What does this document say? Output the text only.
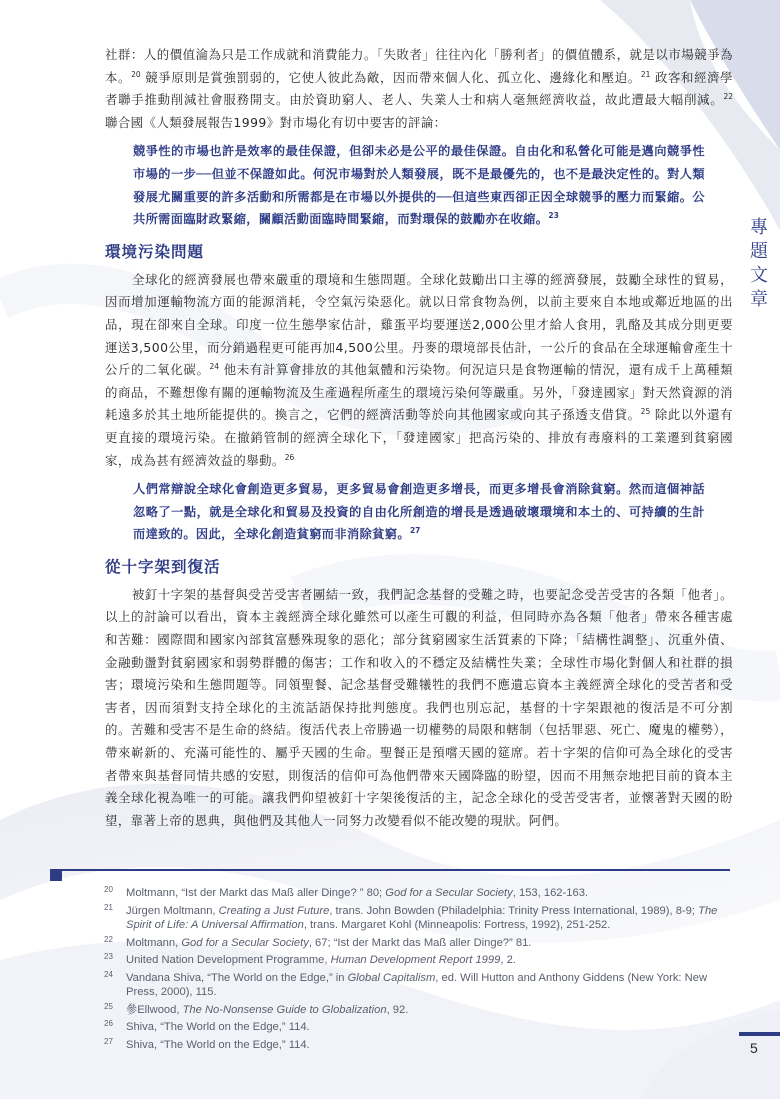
社群：人的價值淪為只是工作成就和消費能力。「失敗者」往往內化「勝利者」的價值體系，就是以市場競爭為本。$^{20}$ 競爭原則是賞強罰弱的，它使人彼此為敵，因而帶來個人化、孤立化、邊緣化和壓迫。$^{21}$ 政客和經濟學者聯手推動削減社會服務開支。由於資助窮人、老人、失業人士和病人毫無經濟收益，故此遭最大幅削減。$^{22}$ 聯合國《人類發展報告1999》對市場化有切中要害的評論：

競爭性的市場也許是效率的最佳保證，但卻未必是公平的最佳保證。自由化和私營化可能是邁向競爭性市場的一步──但並不保證如此。何況市場對於人類發展，既不是最優先的，也不是最決定性的。對人類發展尤關重要的許多活動和所需都是在市場以外提供的──但這些東西卻正因全球競爭的壓力而緊縮。公共所需面臨財政緊縮，關顧活動面臨時間緊縮，而對環保的鼓勵亦在收縮。$^{23}$
環境污染問題

全球化的經濟發展也帶來嚴重的環境和生態問題。全球化鼓勵出口主導的經濟發展，鼓勵全球性的貿易，因而增加運輸物流方面的能源消耗，令空氣污染惡化。就以日常食物為例，以前主要來自本地或鄰近地區的出品，現在卻來自全球。印度一位生態學家估計，雞蛋平均要運送2,000公里才給人食用，乳酪及其成分則更要運送3,500公里，而分銷過程更可能再加4,500公里。丹麥的環境部長估計，一公斤的食品在全球運輸會產生十公斤的二氧化碳。$^{24}$ 他未有計算會排放的其他氣體和污染物。何況這只是食物運輸的情況，還有成千上萬種類的商品，不難想像有關的運輸物流及生產過程所產生的環境污染何等嚴重。另外，「發達國家」對天然資源的消耗遠多於其土地所能提供的。換言之，它們的經濟活動等於向其他國家或向其子孫透支借貸。$^{25}$ 除此以外還有更直接的環境污染。在撤銷管制的經濟全球化下，「發達國家」把高污染的、排放有毒廢料的工業遷到貧窮國家，成為甚有經濟效益的舉動。$^{26}$

人們常辯說全球化會創造更多貿易，更多貿易會創造更多增長，而更多增長會消除貧窮。然而這個神話忽略了一點，就是全球化和貿易及投資的自由化所創造的增長是透過破壞環境和本土的、可持續的生計而達致的。因此，全球化創造貧窮而非消除貧窮。$^{27}$
從十字架到復活

被釘十字架的基督與受苦受害者團結一致，我們記念基督的受難之時，也要記念受苦受害的各類「他者」。以上的討論可以看出，資本主義經濟全球化雖然可以產生可觀的利益，但同時亦為各類「他者」帶來各種害處和苦難：國際間和國家內部貧富懸殊現象的惡化；部分貧窮國家生活質素的下降；「結構性調整」、沉重外債、金融動盪對貧窮國家和弱勢群體的傷害；工作和收入的不穩定及結構性失業；全球性市場化對個人和社群的損害；環境污染和生態問題等。同領聖餐、記念基督受難犧牲的我們不應遺忘資本主義經濟全球化的受苦者和受害者，因而須對支持全球化的主流話語保持批判態度。我們也別忘記，基督的十字架跟祂的復活是不可分割的。苦難和受害不是生命的終結。復活代表上帝勝過一切權勢的局限和轄制（包括罪惡、死亡、魔鬼的權勢），帶來嶄新的、充滿可能性的、屬乎天國的生命。聖餐正是預嚐天國的筵席。若十字架的信仰可為全球化的受害者帶來與基督同情共感的安慰，則復活的信仰可為他們帶來天國降臨的盼望，因而不用無奈地把目前的資本主義全球化視為唯一的可能。讓我們仰望被釘十字架後復活的主，記念全球化的受苦受害者，並懷著對天國的盼望，靠著上帝的恩典，與他們及其他人一同努力改變看似不能改變的現狀。阿們。

20 Moltmann, “Ist der Markt das Maß aller Dinge? ” 80; God for a Secular Society, 153, 162-163.
21 Jürgen Moltmann, Creating a Just Future, trans. John Bowden (Philadelphia: Trinity Press International, 1989), 8-9; The Spirit of Life: A Universal Affirmation, trans. Margaret Kohl (Minneapolis: Fortress, 1992), 251-252.
22 Moltmann, God for a Secular Society, 67; “Ist der Markt das Maß aller Dinge?” 81.
23 United Nation Development Programme, Human Development Report 1999, 2.
24 Vandana Shiva, “The World on the Edge,” in Global Capitalism, ed. Will Hutton and Anthony Giddens (New York: New Press, 2000), 115.
25 參Ellwood, The No-Nonsense Guide to Globalization, 92.
26 Shiva, “The World on the Edge,” 114.
27 Shiva, “The World on the Edge,” 114.
專
題
文
章
5
